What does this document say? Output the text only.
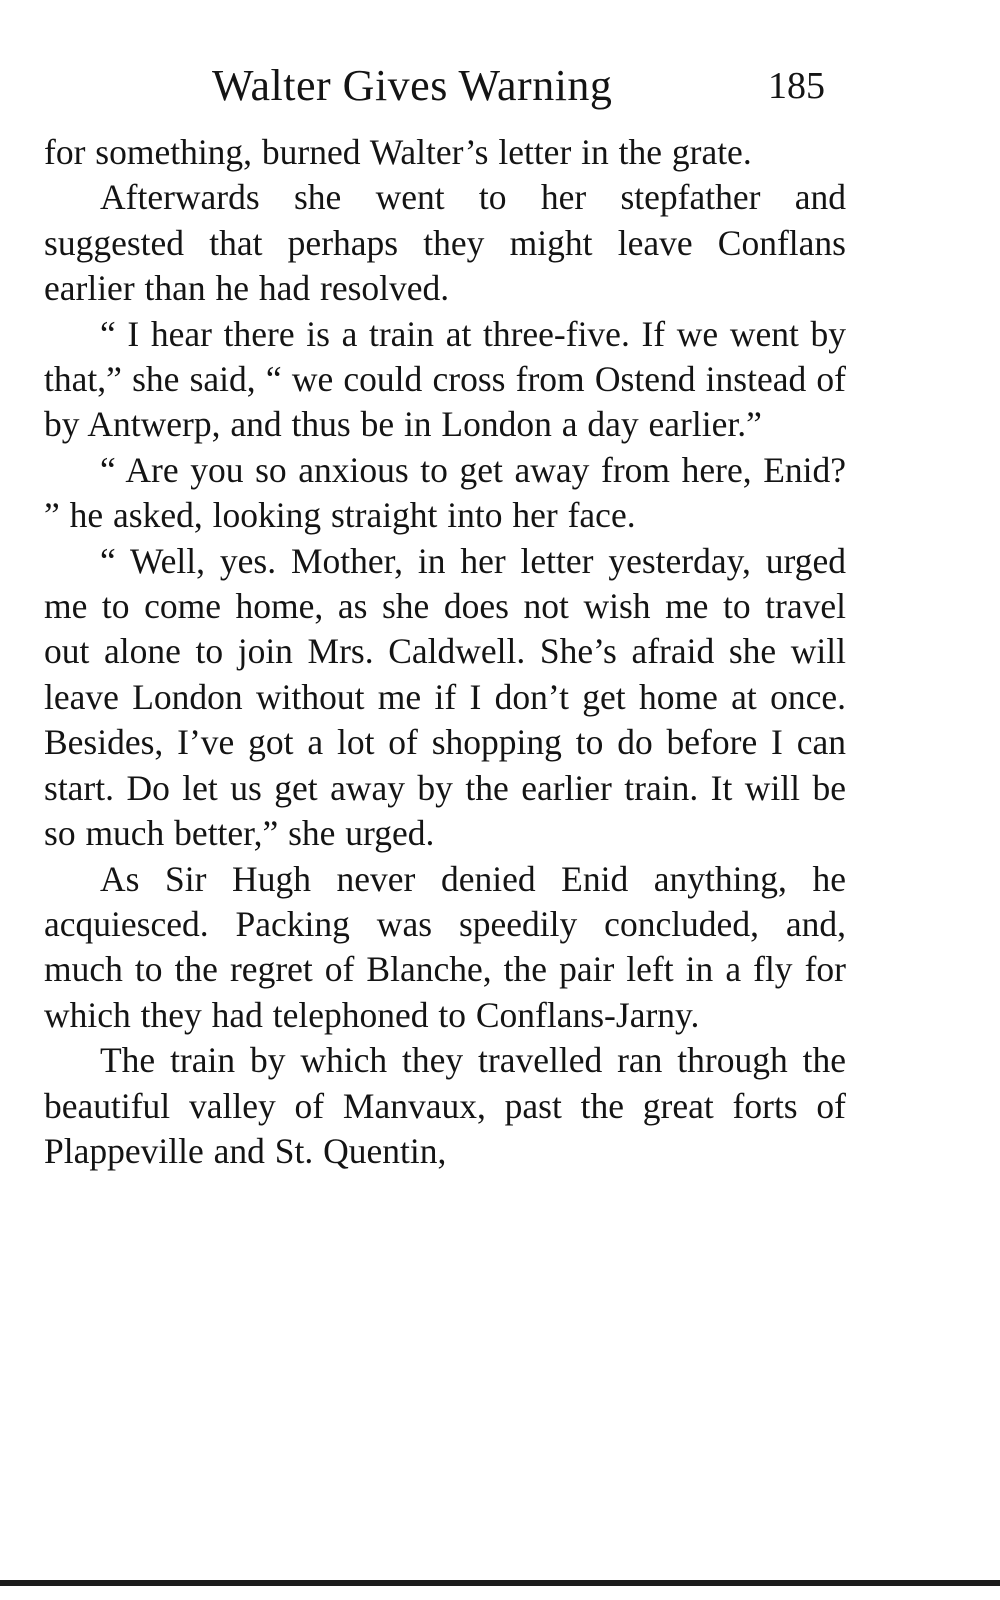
Walter Gives Warning	185

for something, burned Walter’s letter in the grate.

Afterwards she went to her stepfather and suggested that perhaps they might leave Conflans earlier than he had resolved.

“ I hear there is a train at three-five. If we went by that,” she said, “ we could cross from Ostend instead of by Antwerp, and thus be in London a day earlier.”

“ Are you so anxious to get away from here, Enid? ” he asked, looking straight into her face.

“ Well, yes. Mother, in her letter yesterday, urged me to come home, as she does not wish me to travel out alone to join Mrs. Caldwell. She’s afraid she will leave London without me if I don’t get home at once. Besides, I’ve got a lot of shopping to do before I can start. Do let us get away by the earlier train. It will be so much better,” she urged.

As Sir Hugh never denied Enid anything, he acquiesced. Packing was speedily concluded, and, much to the regret of Blanche, the pair left in a fly for which they had telephoned to Conflans-Jarny.

The train by which they travelled ran through the beautiful valley of Manvaux, past the great forts of Plappeville and St. Quentin,
